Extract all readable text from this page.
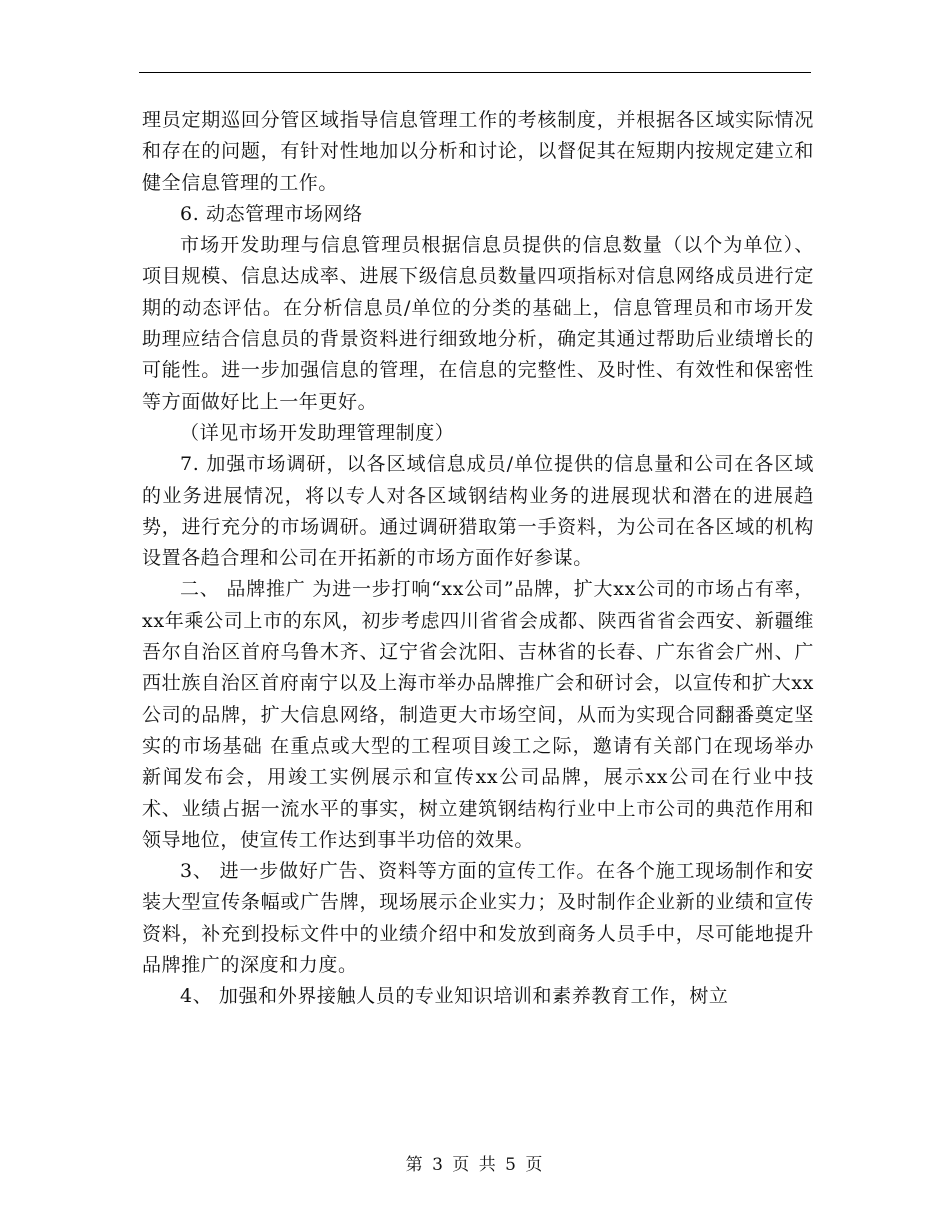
理员定期巡回分管区域指导信息管理工作的考核制度，并根据各区域实际情况和存在的问题，有针对性地加以分析和讨论，以督促其在短期内按规定建立和健全信息管理的工作。

6. 动态管理市场网络

市场开发助理与信息管理员根据信息员提供的信息数量（以个为单位）、项目规模、信息达成率、进展下级信息员数量四项指标对信息网络成员进行定期的动态评估。在分析信息员/单位的分类的基础上，信息管理员和市场开发助理应结合信息员的背景资料进行细致地分析，确定其通过帮助后业绩增长的可能性。进一步加强信息的管理，在信息的完整性、及时性、有效性和保密性等方面做好比上一年更好。

（详见市场开发助理管理制度）

7. 加强市场调研，以各区域信息成员/单位提供的信息量和公司在各区域的业务进展情况，将以专人对各区域钢结构业务的进展现状和潜在的进展趋势，进行充分的市场调研。通过调研猎取第一手资料，为公司在各区域的机构设置各趋合理和公司在开拓新的市场方面作好参谋。

二、 品牌推广 为进一步打响“xx公司”品牌，扩大xx公司的市场占有率，xx年乘公司上市的东风，初步考虑四川省省会成都、陕西省省会西安、新疆维吾尔自治区首府乌鲁木齐、辽宁省会沈阳、吉林省的长春、广东省会广州、广西壮族自治区首府南宁以及上海市举办品牌推广会和研讨会，以宣传和扩大xx公司的品牌，扩大信息网络，制造更大市场空间，从而为实现合同翻番奠定坚实的市场基础 在重点或大型的工程项目竣工之际，邀请有关部门在现场举办新闻发布会，用竣工实例展示和宣传xx公司品牌，展示xx公司在行业中技术、业绩占据一流水平的事实，树立建筑钢结构行业中上市公司的典范作用和领导地位，使宣传工作达到事半功倍的效果。

3、 进一步做好广告、资料等方面的宣传工作。在各个施工现场制作和安装大型宣传条幅或广告牌，现场展示企业实力；及时制作企业新的业绩和宣传资料，补充到投标文件中的业绩介绍中和发放到商务人员手中，尽可能地提升品牌推广的深度和力度。

4、 加强和外界接触人员的专业知识培训和素养教育工作，树立

第 3 页 共 5 页
